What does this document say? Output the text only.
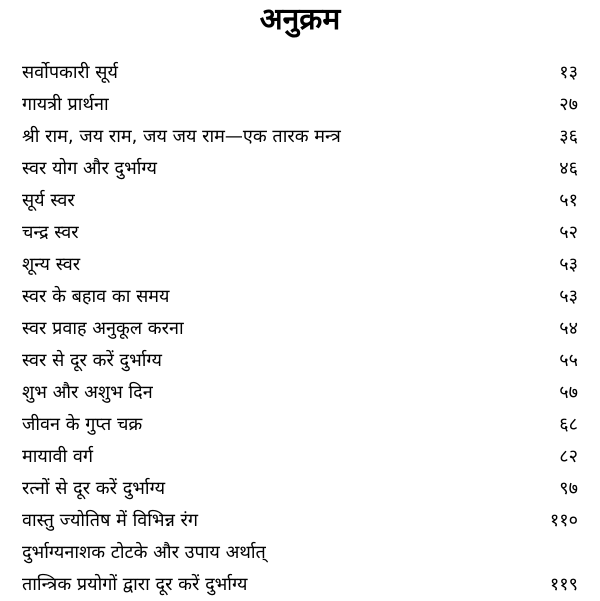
अनुक्रम
सर्वोपकारी सूर्य	१३
गायत्री प्रार्थना	२७
श्री राम, जय राम, जय जय राम—एक तारक मन्त्र	३६
स्वर योग और दुर्भाग्य	४६
सूर्य स्वर	५१
चन्द्र स्वर	५२
शून्य स्वर	५३
स्वर के बहाव का समय	५३
स्वर प्रवाह अनुकूल करना	५४
स्वर से दूर करें दुर्भाग्य	५५
शुभ और अशुभ दिन	५७
जीवन के गुप्त चक्र	६८
मायावी वर्ग	८२
रत्नों से दूर करें दुर्भाग्य	९७
वास्तु ज्योतिष में विभिन्न रंग	११०
दुर्भाग्यनाशक टोटके और उपाय अर्थात्
तान्त्रिक प्रयोगों द्वारा दूर करें दुर्भाग्य	११९
